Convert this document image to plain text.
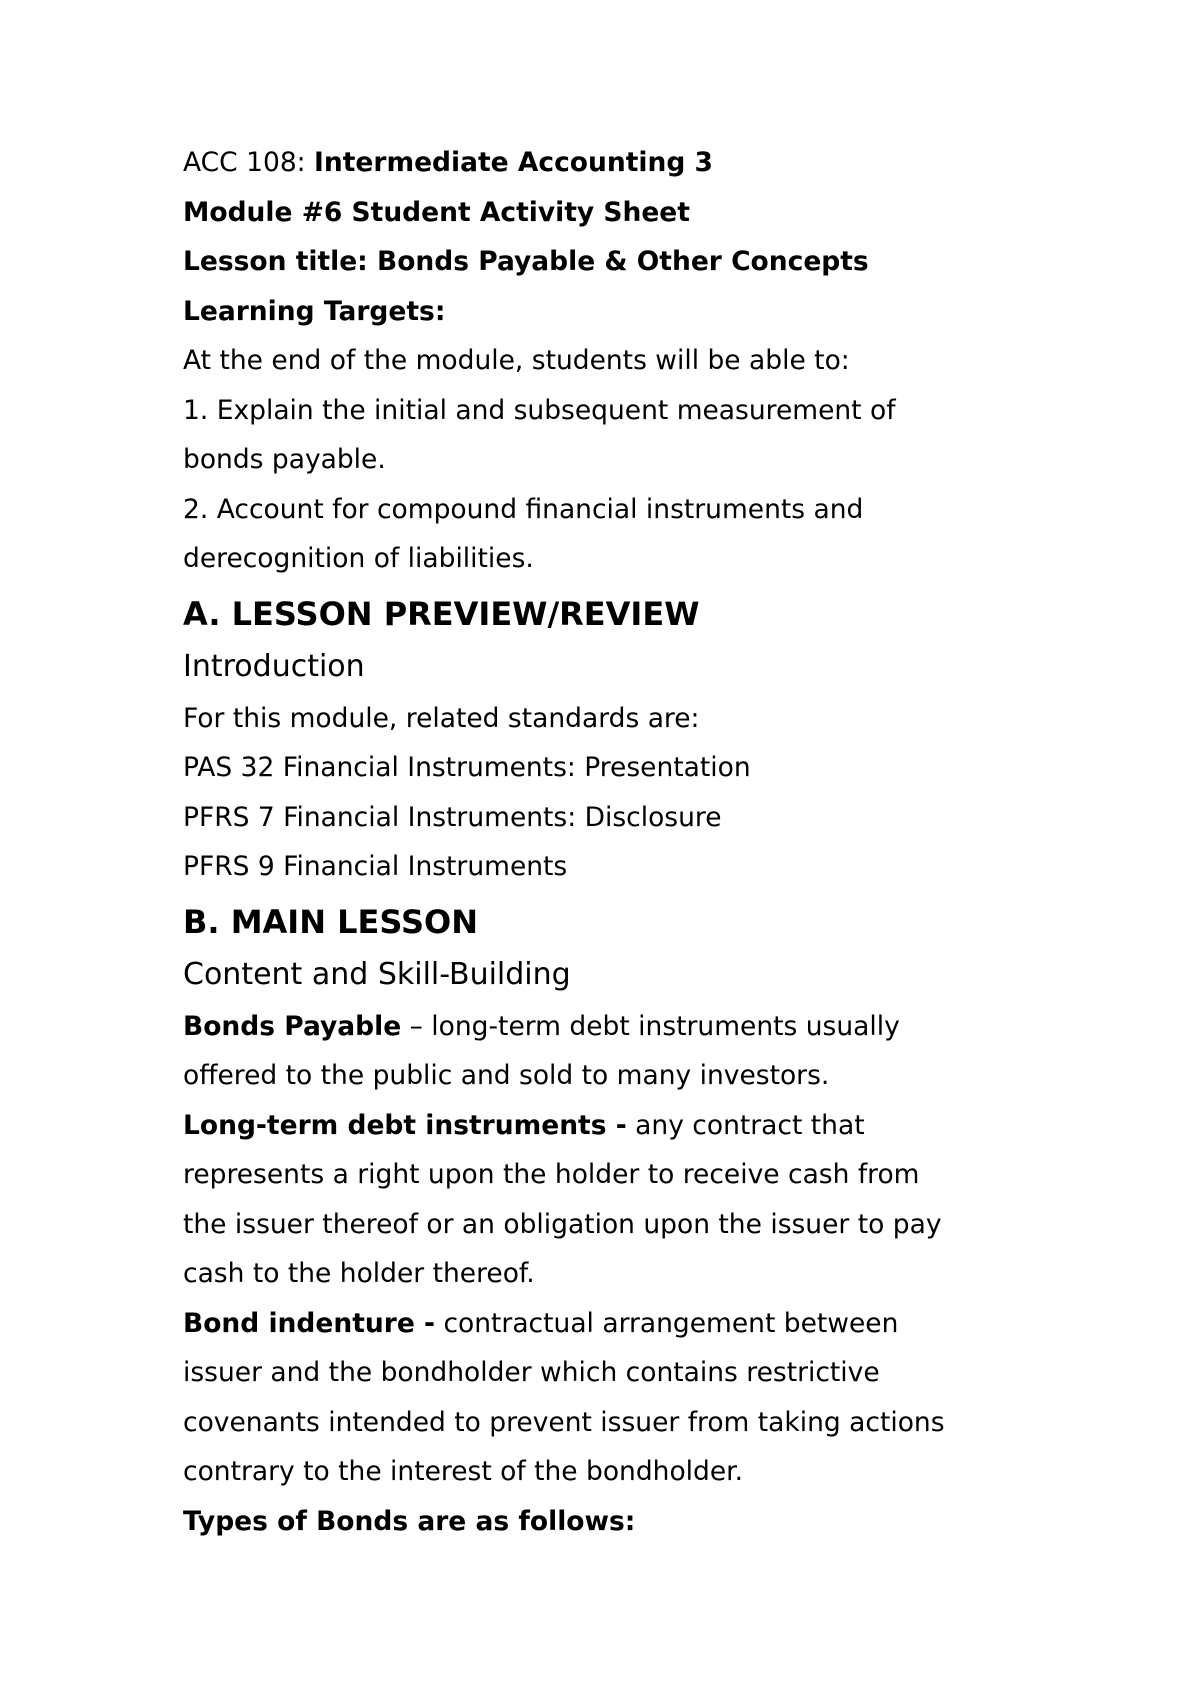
ACC 108: Intermediate Accounting 3
Module #6 Student Activity Sheet
Lesson title: Bonds Payable & Other Concepts
Learning Targets:
At the end of the module, students will be able to:
1. Explain the initial and subsequent measurement of
bonds payable.
2. Account for compound financial instruments and
derecognition of liabilities.
A. LESSON PREVIEW/REVIEW
Introduction
For this module, related standards are:
PAS 32 Financial Instruments: Presentation
PFRS 7 Financial Instruments: Disclosure
PFRS 9 Financial Instruments
B. MAIN LESSON
Content and Skill-Building
Bonds Payable – long-term debt instruments usually
offered to the public and sold to many investors.
Long-term debt instruments - any contract that
represents a right upon the holder to receive cash from
the issuer thereof or an obligation upon the issuer to pay
cash to the holder thereof.
Bond indenture - contractual arrangement between
issuer and the bondholder which contains restrictive
covenants intended to prevent issuer from taking actions
contrary to the interest of the bondholder.
Types of Bonds are as follows:
